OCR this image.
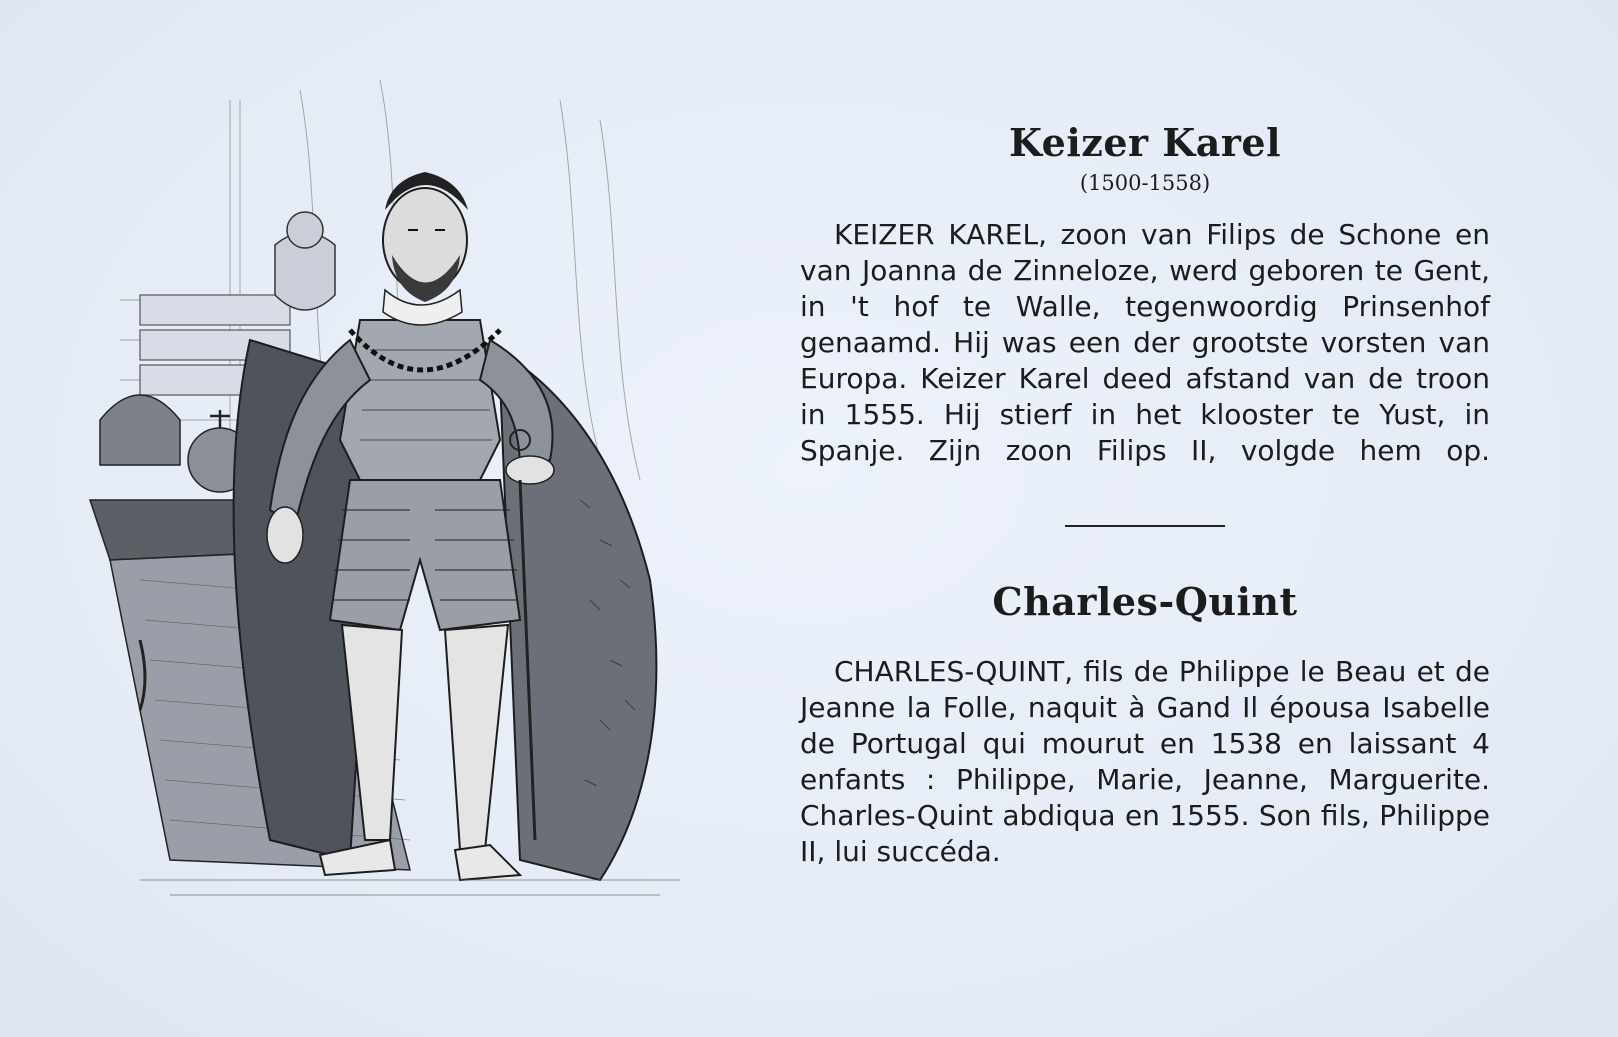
Keizer Karel
(1500-1558)

KEIZER KAREL, zoon van Filips de Schone en van Joanna de Zinneloze, werd geboren te Gent, in 't hof te Walle, tegenwoordig Prinsenhof genaamd. Hij was een der grootste vorsten van Europa. Keizer Karel deed afstand van de troon in 1555. Hij stierf in het klooster te Yust, in Spanje. Zijn zoon Filips II, volgde hem op.

Charles-Quint

CHARLES-QUINT, fils de Philippe le Beau et de Jeanne la Folle, naquit à Gand Il épousa Isabelle de Portugal qui mourut en 1538 en laissant 4 enfants : Philippe, Marie, Jeanne, Marguerite. Charles-Quint abdiqua en 1555. Son fils, Philippe II, lui succéda.
